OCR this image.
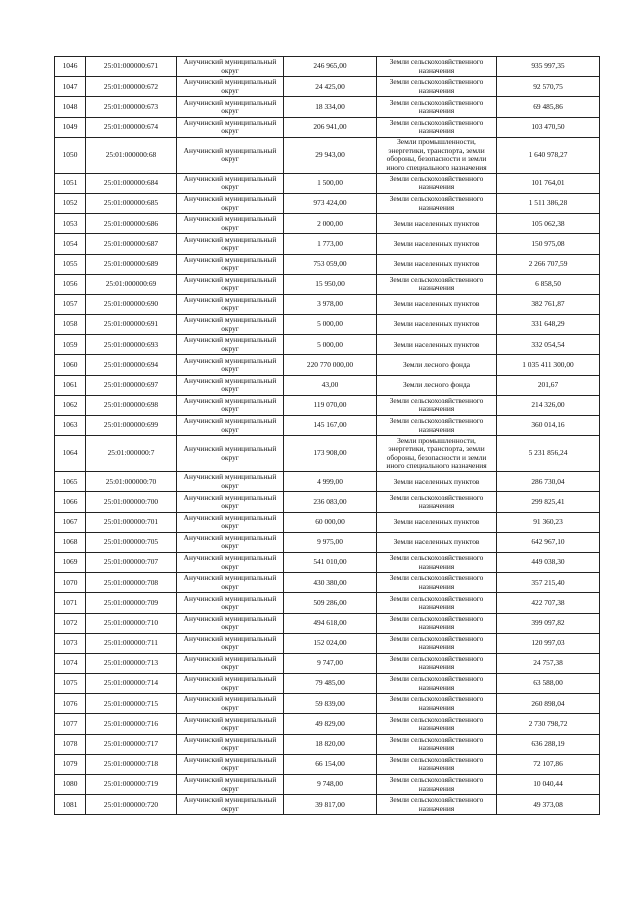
1046	25:01:000000:671	Анучинский муниципальный округ	246 965,00	Земли сельскохозяйственного назначения	935 997,35
1047	25:01:000000:672	Анучинский муниципальный округ	24 425,00	Земли сельскохозяйственного назначения	92 570,75
1048	25:01:000000:673	Анучинский муниципальный округ	18 334,00	Земли сельскохозяйственного назначения	69 485,86
1049	25:01:000000:674	Анучинский муниципальный округ	206 941,00	Земли сельскохозяйственного назначения	103 470,50
1050	25:01:000000:68	Анучинский муниципальный округ	29 943,00	Земли промышленности, энергетики, транспорта, земли обороны, безопасности и земли иного специального назначения	1 640 978,27
1051	25:01:000000:684	Анучинский муниципальный округ	1 500,00	Земли сельскохозяйственного назначения	101 764,01
1052	25:01:000000:685	Анучинский муниципальный округ	973 424,00	Земли сельскохозяйственного назначения	1 511 386,28
1053	25:01:000000:686	Анучинский муниципальный округ	2 000,00	Земли населенных пунктов	105 062,38
1054	25:01:000000:687	Анучинский муниципальный округ	1 773,00	Земли населенных пунктов	150 975,08
1055	25:01:000000:689	Анучинский муниципальный округ	753 059,00	Земли населенных пунктов	2 266 707,59
1056	25:01:000000:69	Анучинский муниципальный округ	15 950,00	Земли сельскохозяйственного назначения	6 858,50
1057	25:01:000000:690	Анучинский муниципальный округ	3 978,00	Земли населенных пунктов	382 761,87
1058	25:01:000000:691	Анучинский муниципальный округ	5 000,00	Земли населенных пунктов	331 648,29
1059	25:01:000000:693	Анучинский муниципальный округ	5 000,00	Земли населенных пунктов	332 054,54
1060	25:01:000000:694	Анучинский муниципальный округ	220 770 000,00	Земли лесного фонда	1 035 411 300,00
1061	25:01:000000:697	Анучинский муниципальный округ	43,00	Земли лесного фонда	201,67
1062	25:01:000000:698	Анучинский муниципальный округ	119 070,00	Земли сельскохозяйственного назначения	214 326,00
1063	25:01:000000:699	Анучинский муниципальный округ	145 167,00	Земли сельскохозяйственного назначения	360 014,16
1064	25:01:000000:7	Анучинский муниципальный округ	173 908,00	Земли промышленности, энергетики, транспорта, земли обороны, безопасности и земли иного специального назначения	5 231 856,24
1065	25:01:000000:70	Анучинский муниципальный округ	4 999,00	Земли населенных пунктов	286 730,04
1066	25:01:000000:700	Анучинский муниципальный округ	236 083,00	Земли сельскохозяйственного назначения	299 825,41
1067	25:01:000000:701	Анучинский муниципальный округ	60 000,00	Земли населенных пунктов	91 360,23
1068	25:01:000000:705	Анучинский муниципальный округ	9 975,00	Земли населенных пунктов	642 967,10
1069	25:01:000000:707	Анучинский муниципальный округ	541 010,00	Земли сельскохозяйственного назначения	449 038,30
1070	25:01:000000:708	Анучинский муниципальный округ	430 380,00	Земли сельскохозяйственного назначения	357 215,40
1071	25:01:000000:709	Анучинский муниципальный округ	509 286,00	Земли сельскохозяйственного назначения	422 707,38
1072	25:01:000000:710	Анучинский муниципальный округ	494 618,00	Земли сельскохозяйственного назначения	399 097,82
1073	25:01:000000:711	Анучинский муниципальный округ	152 024,00	Земли сельскохозяйственного назначения	120 997,03
1074	25:01:000000:713	Анучинский муниципальный округ	9 747,00	Земли сельскохозяйственного назначения	24 757,38
1075	25:01:000000:714	Анучинский муниципальный округ	79 485,00	Земли сельскохозяйственного назначения	63 588,00
1076	25:01:000000:715	Анучинский муниципальный округ	59 839,00	Земли сельскохозяйственного назначения	260 898,04
1077	25:01:000000:716	Анучинский муниципальный округ	49 829,00	Земли сельскохозяйственного назначения	2 730 798,72
1078	25:01:000000:717	Анучинский муниципальный округ	18 820,00	Земли сельскохозяйственного назначения	636 288,19
1079	25:01:000000:718	Анучинский муниципальный округ	66 154,00	Земли сельскохозяйственного назначения	72 107,86
1080	25:01:000000:719	Анучинский муниципальный округ	9 748,00	Земли сельскохозяйственного назначения	10 040,44
1081	25:01:000000:720	Анучинский муниципальный округ	39 817,00	Земли сельскохозяйственного назначения	49 373,08
